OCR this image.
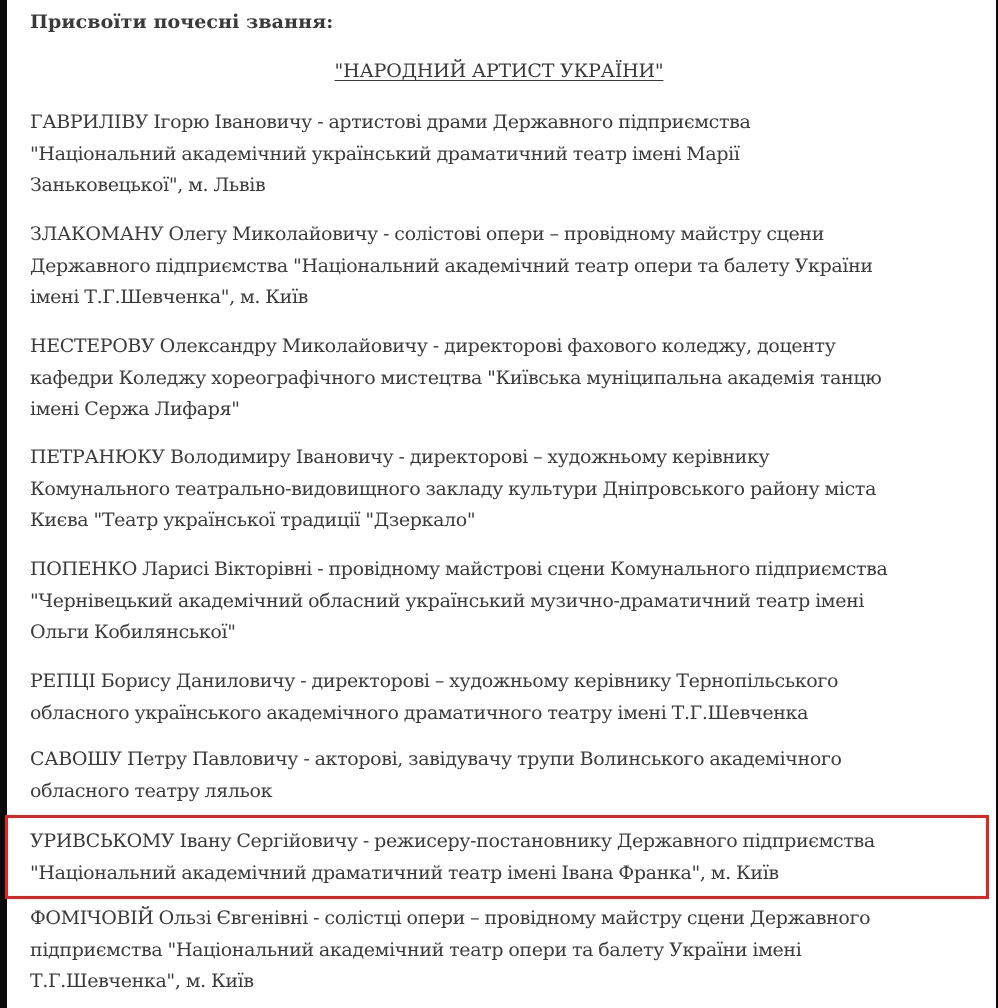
Присвоїти почесні звання:
"НАРОДНИЙ АРТИСТ УКРАЇНИ"
ГАВРИЛІВУ Ігорю Івановичу - артистові драми Державного підприємства
"Національний академічний український драматичний театр імені Марії
Заньковецької", м. Львів
ЗЛАКОМАНУ Олегу Миколайовичу - солістові опери – провідному майстру сцени
Державного підприємства "Національний академічний театр опери та балету України
імені Т.Г.Шевченка", м. Київ
НЕСТЕРОВУ Олександру Миколайовичу - директорові фахового коледжу, доценту
кафедри Коледжу хореографічного мистецтва "Київська муніципальна академія танцю
імені Сержа Лифаря"
ПЕТРАНЮКУ Володимиру Івановичу - директорові – художньому керівнику
Комунального театрально-видовищного закладу культури Дніпровського району міста
Києва "Театр української традиції "Дзеркало"
ПОПЕНКО Ларисі Вікторівні - провідному майстрові сцени Комунального підприємства
"Чернівецький академічний обласний український музично-драматичний театр імені
Ольги Кобилянської"
РЕПЦІ Борису Даниловичу - директорові – художньому керівнику Тернопільського
обласного українського академічного драматичного театру імені Т.Г.Шевченка
САВОШУ Петру Павловичу - акторові, завідувачу трупи Волинського академічного
обласного театру ляльок
УРИВСЬКОМУ Івану Сергійовичу - режисеру-постановнику Державного підприємства
"Національний академічний драматичний театр імені Івана Франка", м. Київ
ФОМІЧОВІЙ Ользі Євгенівні - солістці опери – провідному майстру сцени Державного
підприємства "Національний академічний театр опери та балету України імені
Т.Г.Шевченка", м. Київ
